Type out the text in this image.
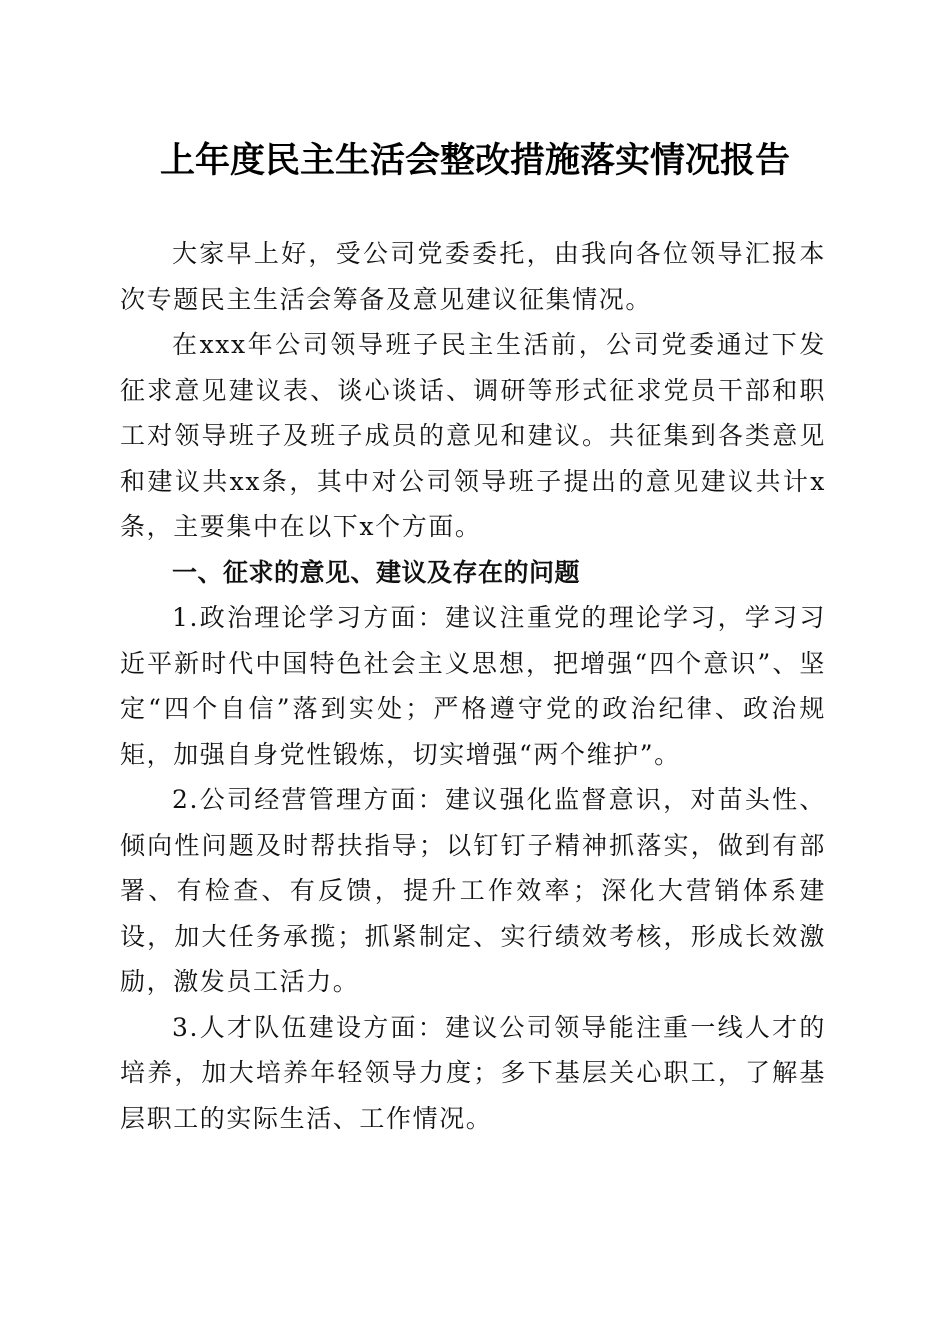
上年度民主生活会整改措施落实情况报告

大家早上好，受公司党委委托，由我向各位领导汇报本次专题民主生活会筹备及意见建议征集情况。

在xxx年公司领导班子民主生活前，公司党委通过下发征求意见建议表、谈心谈话、调研等形式征求党员干部和职工对领导班子及班子成员的意见和建议。共征集到各类意见和建议共xx条，其中对公司领导班子提出的意见建议共计x条，主要集中在以下x个方面。

一、征求的意见、建议及存在的问题

1.政治理论学习方面：建议注重党的理论学习，学习习近平新时代中国特色社会主义思想，把增强“四个意识”、坚定“四个自信”落到实处；严格遵守党的政治纪律、政治规矩，加强自身党性锻炼，切实增强“两个维护”。

2.公司经营管理方面：建议强化监督意识，对苗头性、倾向性问题及时帮扶指导；以钉钉子精神抓落实，做到有部署、有检查、有反馈，提升工作效率；深化大营销体系建设，加大任务承揽；抓紧制定、实行绩效考核，形成长效激励，激发员工活力。

3.人才队伍建设方面：建议公司领导能注重一线人才的培养，加大培养年轻领导力度；多下基层关心职工，了解基层职工的实际生活、工作情况。
